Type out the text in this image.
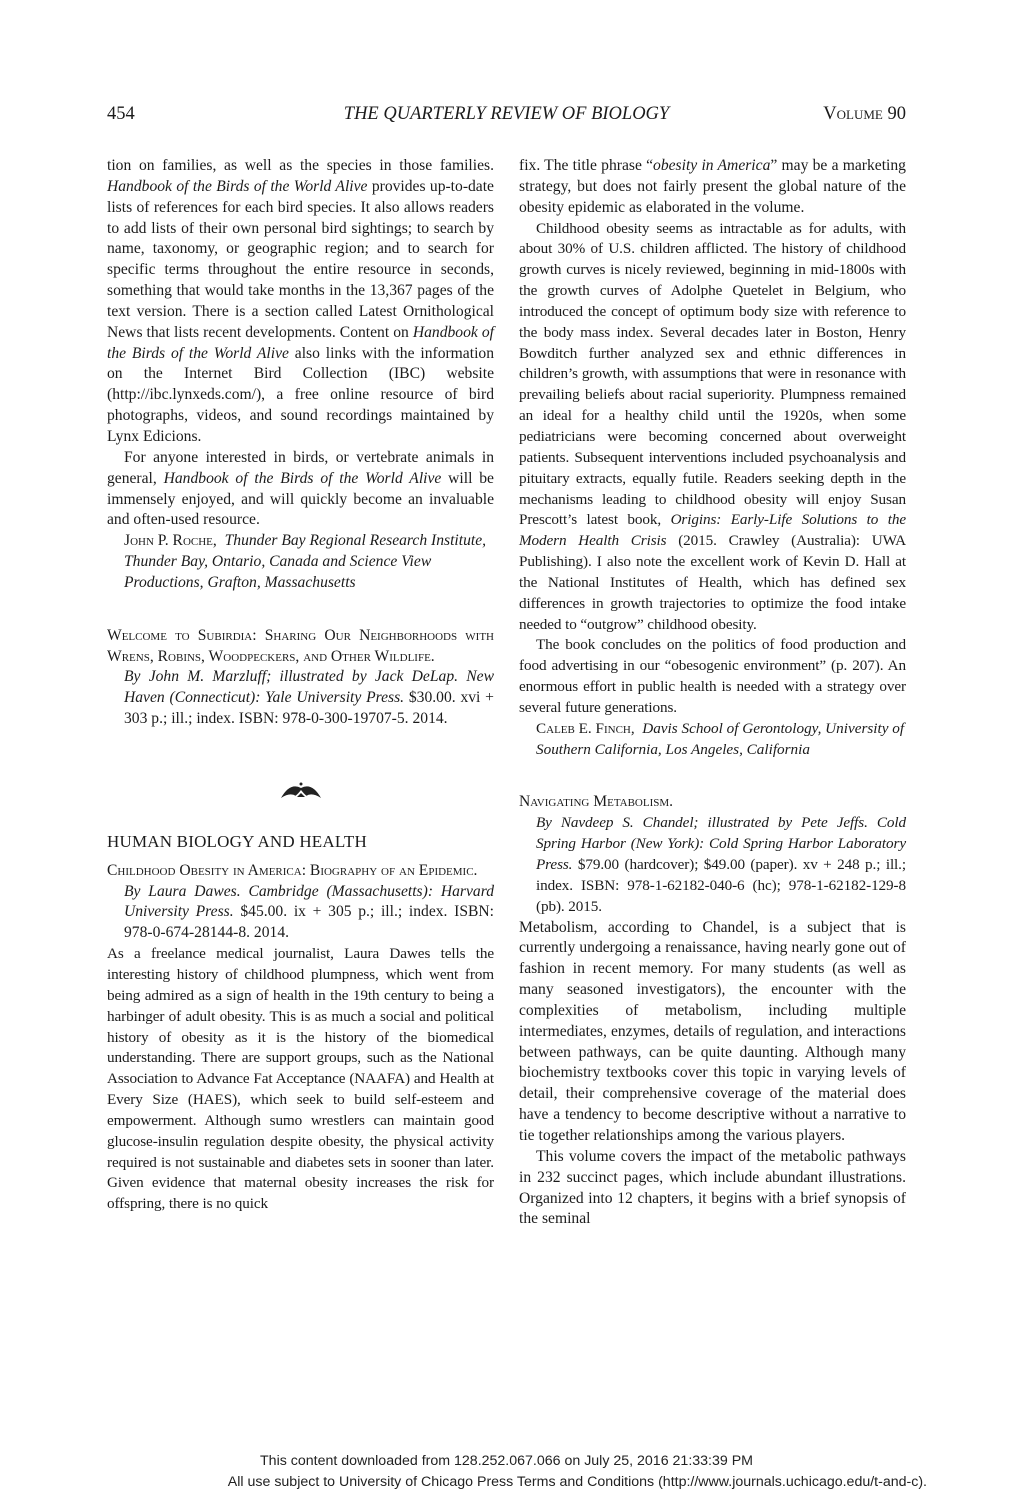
454	THE QUARTERLY REVIEW OF BIOLOGY	Volume 90

tion on families, as well as the species in those families. Handbook of the Birds of the World Alive provides up-to-date lists of references for each bird species. It also allows readers to add lists of their own personal bird sightings; to search by name, taxonomy, or geographic region; and to search for specific terms throughout the entire resource in seconds, something that would take months in the 13,367 pages of the text version. There is a section called Latest Ornithological News that lists recent developments. Content on Handbook of the Birds of the World Alive also links with the information on the Internet Bird Collection (IBC) website (http://ibc.lynxeds.com/), a free online resource of bird photographs, videos, and sound recordings maintained by Lynx Edicions.

For anyone interested in birds, or vertebrate animals in general, Handbook of the Birds of the World Alive will be immensely enjoyed, and will quickly become an invaluable and often-used resource.

John P. Roche, Thunder Bay Regional Research Institute, Thunder Bay, Ontario, Canada and Science View Productions, Grafton, Massachusetts

Welcome to Subirdia: Sharing Our Neighborhoods with Wrens, Robins, Woodpeckers, and Other Wildlife.

By John M. Marzluff; illustrated by Jack DeLap. New Haven (Connecticut): Yale University Press. $30.00. xvi + 303 p.; ill.; index. ISBN: 978-0-300-19707-5. 2014.

HUMAN BIOLOGY AND HEALTH

Childhood Obesity in America: Biography of an Epidemic.

By Laura Dawes. Cambridge (Massachusetts): Harvard University Press. $45.00. ix + 305 p.; ill.; index. ISBN: 978-0-674-28144-8. 2014.

As a freelance medical journalist, Laura Dawes tells the interesting history of childhood plumpness, which went from being admired as a sign of health in the 19th century to being a harbinger of adult obesity. This is as much a social and political history of obesity as it is the history of the biomedical understanding. There are support groups, such as the National Association to Advance Fat Acceptance (NAAFA) and Health at Every Size (HAES), which seek to build self-esteem and empowerment. Although sumo wrestlers can maintain good glucose-insulin regulation despite obesity, the physical activity required is not sustainable and diabetes sets in sooner than later. Given evidence that maternal obesity increases the risk for offspring, there is no quick

fix. The title phrase “obesity in America” may be a marketing strategy, but does not fairly present the global nature of the obesity epidemic as elaborated in the volume.

Childhood obesity seems as intractable as for adults, with about 30% of U.S. children afflicted. The history of childhood growth curves is nicely reviewed, beginning in mid-1800s with the growth curves of Adolphe Quetelet in Belgium, who introduced the concept of optimum body size with reference to the body mass index. Several decades later in Boston, Henry Bowditch further analyzed sex and ethnic differences in children’s growth, with assumptions that were in resonance with prevailing beliefs about racial superiority. Plumpness remained an ideal for a healthy child until the 1920s, when some pediatricians were becoming concerned about overweight patients. Subsequent interventions included psychoanalysis and pituitary extracts, equally futile. Readers seeking depth in the mechanisms leading to childhood obesity will enjoy Susan Prescott’s latest book, Origins: Early-Life Solutions to the Modern Health Crisis (2015. Crawley (Australia): UWA Publishing). I also note the excellent work of Kevin D. Hall at the National Institutes of Health, which has defined sex differences in growth trajectories to optimize the food intake needed to “outgrow” childhood obesity.

The book concludes on the politics of food production and food advertising in our “obesogenic environment” (p. 207). An enormous effort in public health is needed with a strategy over several future generations.

Caleb E. Finch, Davis School of Gerontology, University of Southern California, Los Angeles, California

Navigating Metabolism.

By Navdeep S. Chandel; illustrated by Pete Jeffs. Cold Spring Harbor (New York): Cold Spring Harbor Laboratory Press. $79.00 (hardcover); $49.00 (paper). xv + 248 p.; ill.; index. ISBN: 978-1-62182-040-6 (hc); 978-1-62182-129-8 (pb). 2015.

Metabolism, according to Chandel, is a subject that is currently undergoing a renaissance, having nearly gone out of fashion in recent memory. For many students (as well as many seasoned investigators), the encounter with the complexities of metabolism, including multiple intermediates, enzymes, details of regulation, and interactions between pathways, can be quite daunting. Although many biochemistry textbooks cover this topic in varying levels of detail, their comprehensive coverage of the material does have a tendency to become descriptive without a narrative to tie together relationships among the various players.

This volume covers the impact of the metabolic pathways in 232 succinct pages, which include abundant illustrations. Organized into 12 chapters, it begins with a brief synopsis of the seminal

This content downloaded from 128.252.067.066 on July 25, 2016 21:33:39 PM
All use subject to University of Chicago Press Terms and Conditions (http://www.journals.uchicago.edu/t-and-c).
